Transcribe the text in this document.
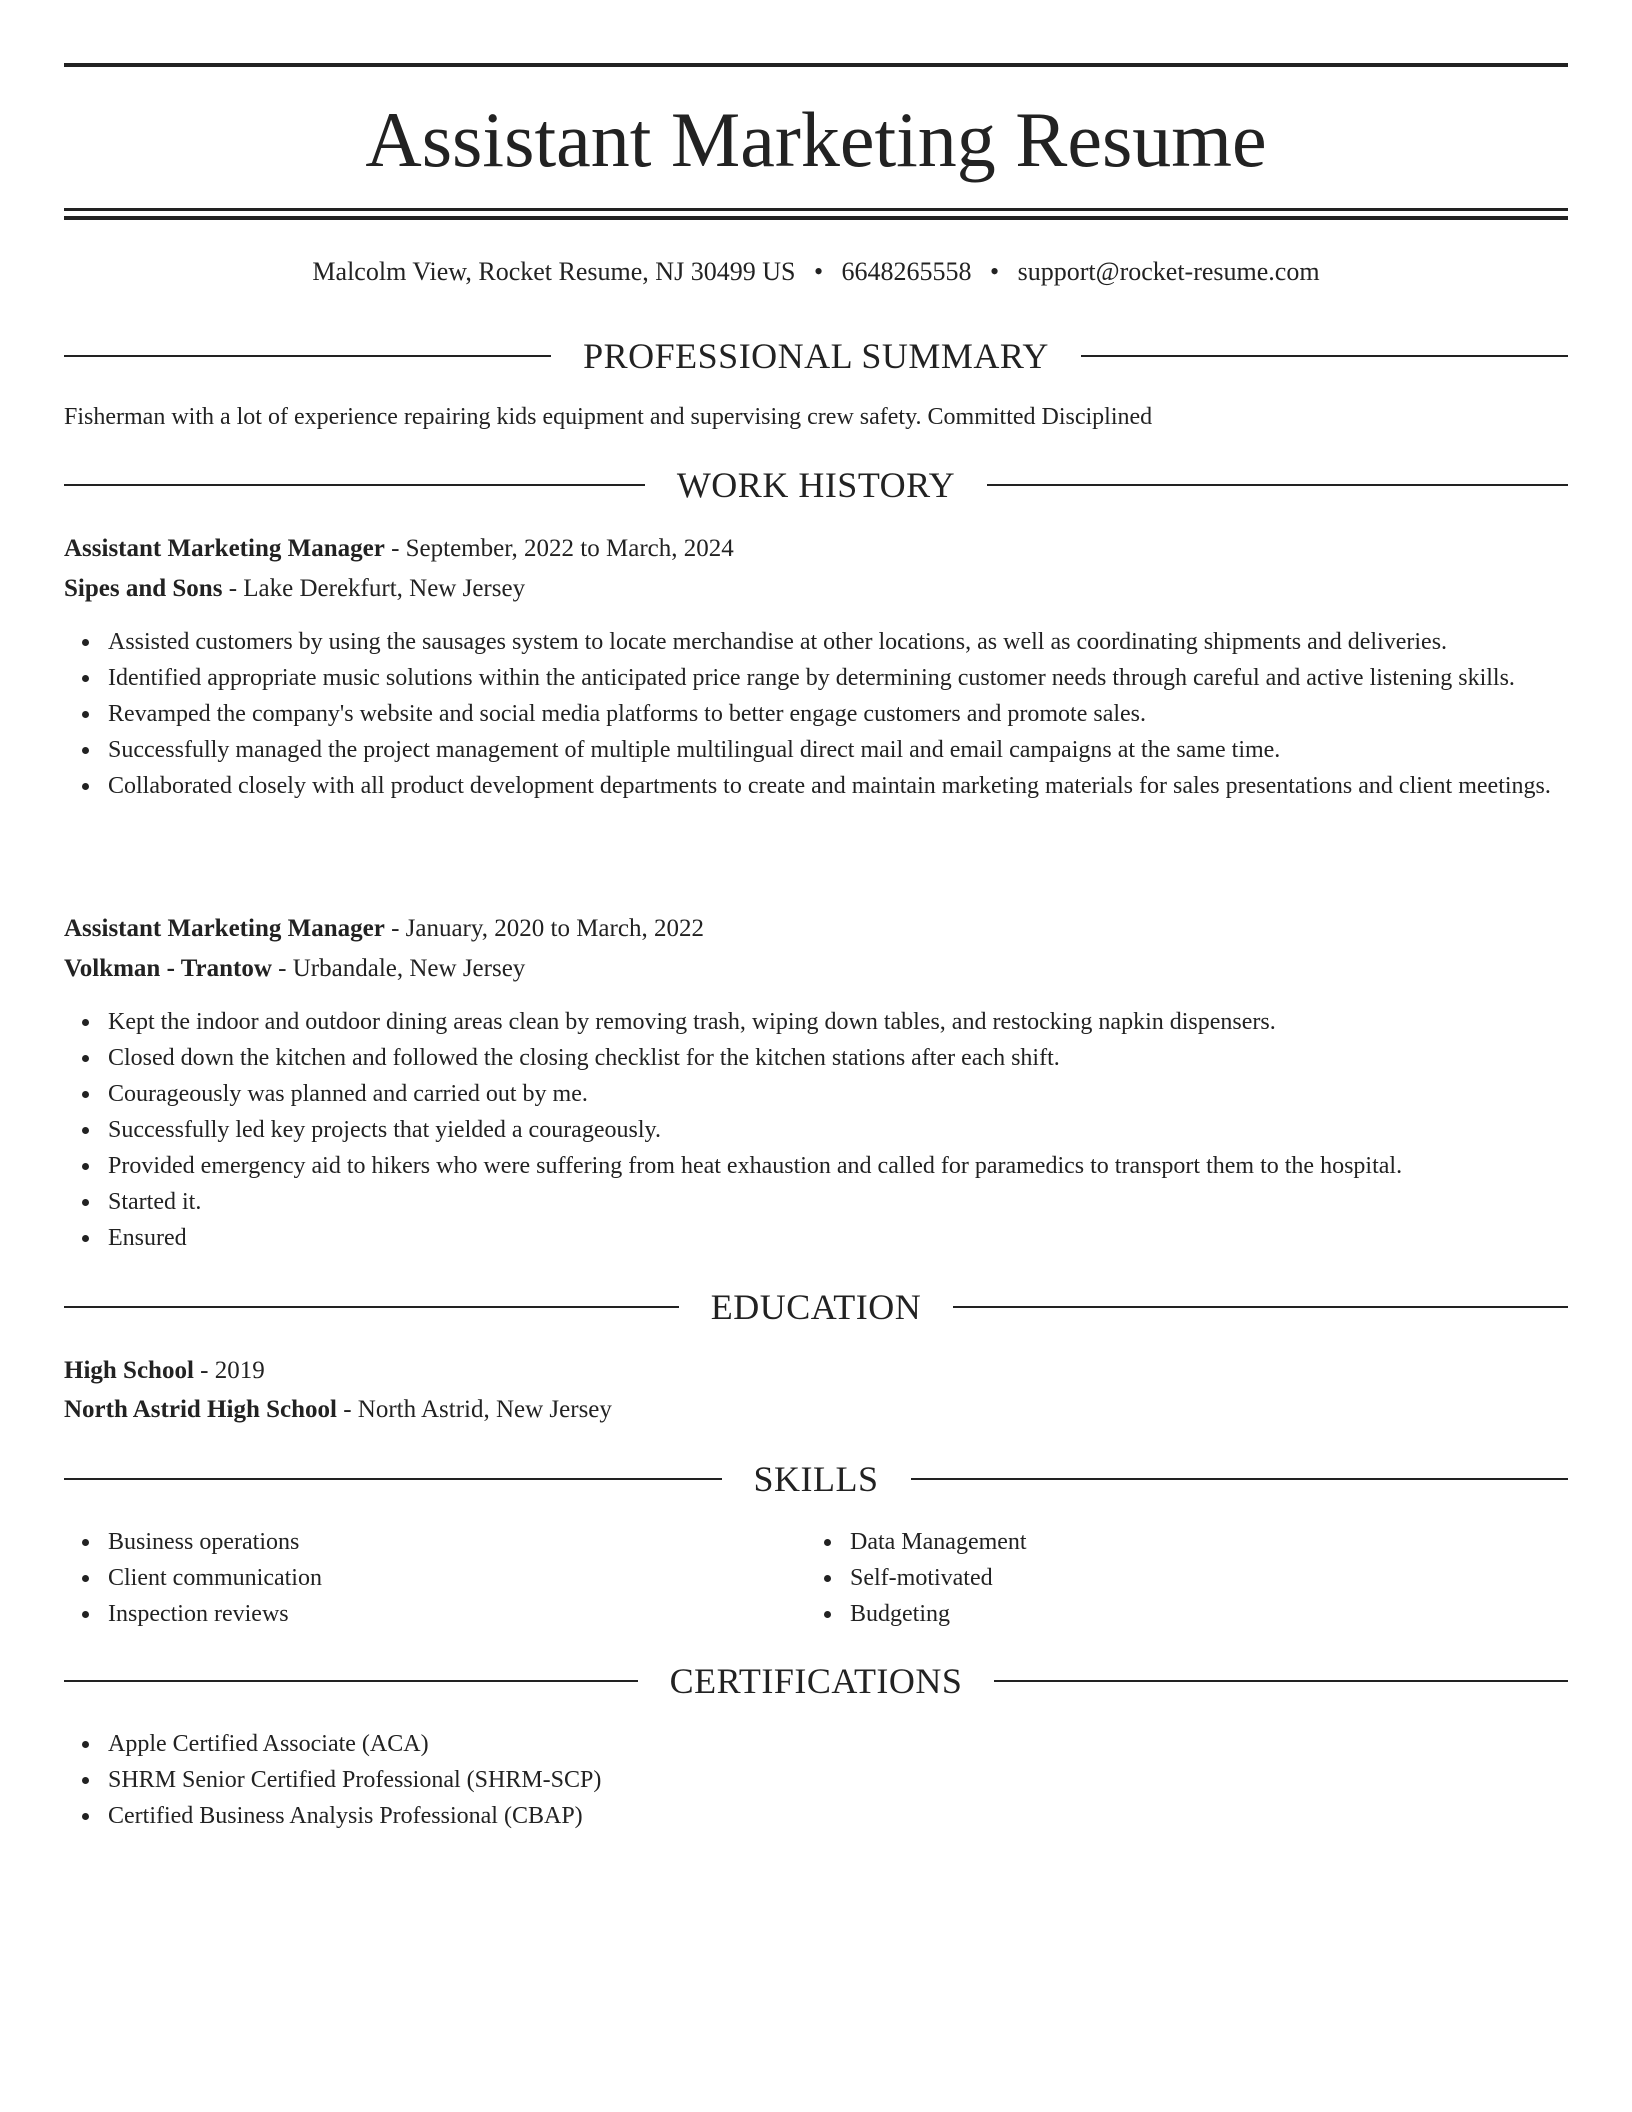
Assistant Marketing Resume
Malcolm View, Rocket Resume, NJ 30499 US • 6648265558 • support@rocket-resume.com
PROFESSIONAL SUMMARY
Fisherman with a lot of experience repairing kids equipment and supervising crew safety. Committed Disciplined
WORK HISTORY
Assistant Marketing Manager - September, 2022 to March, 2024
Sipes and Sons - Lake Derekfurt, New Jersey
Assisted customers by using the sausages system to locate merchandise at other locations, as well as coordinating shipments and deliveries.
Identified appropriate music solutions within the anticipated price range by determining customer needs through careful and active listening skills.
Revamped the company's website and social media platforms to better engage customers and promote sales.
Successfully managed the project management of multiple multilingual direct mail and email campaigns at the same time.
Collaborated closely with all product development departments to create and maintain marketing materials for sales presentations and client meetings.
Assistant Marketing Manager - January, 2020 to March, 2022
Volkman - Trantow - Urbandale, New Jersey
Kept the indoor and outdoor dining areas clean by removing trash, wiping down tables, and restocking napkin dispensers.
Closed down the kitchen and followed the closing checklist for the kitchen stations after each shift.
Courageously was planned and carried out by me.
Successfully led key projects that yielded a courageously.
Provided emergency aid to hikers who were suffering from heat exhaustion and called for paramedics to transport them to the hospital.
Started it.
Ensured
EDUCATION
High School - 2019
North Astrid High School - North Astrid, New Jersey
SKILLS
Business operations
Client communication
Inspection reviews
Data Management
Self-motivated
Budgeting
CERTIFICATIONS
Apple Certified Associate (ACA)
SHRM Senior Certified Professional (SHRM-SCP)
Certified Business Analysis Professional (CBAP)
